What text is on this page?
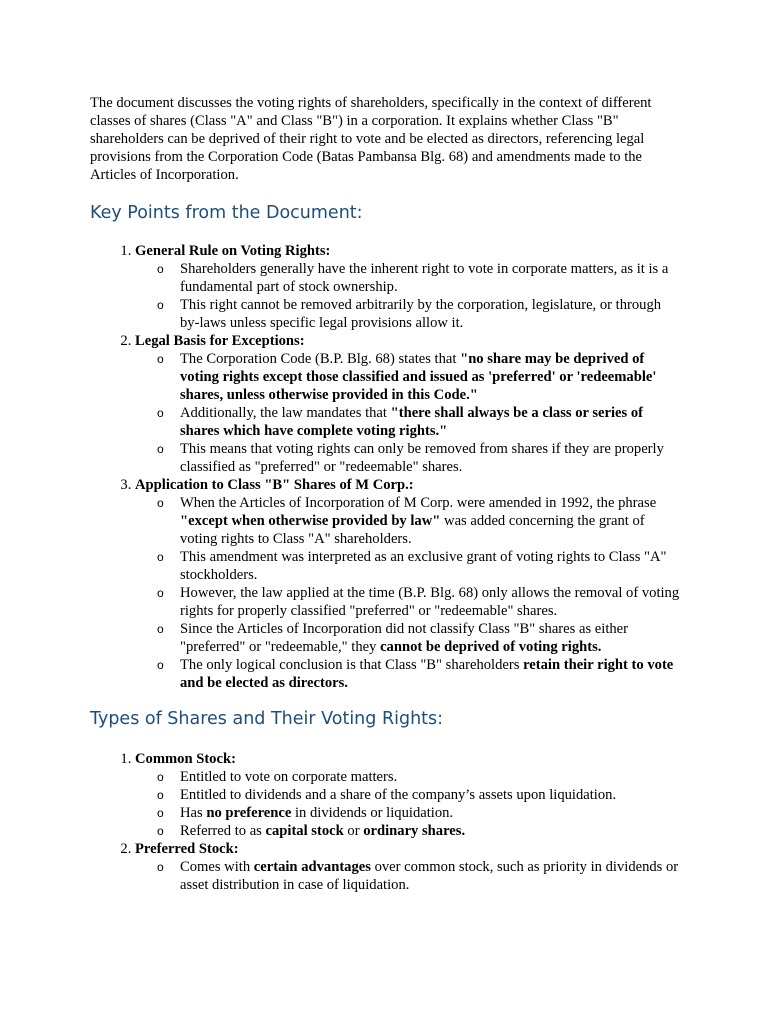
The document discusses the voting rights of shareholders, specifically in the context of different classes of shares (Class "A" and Class "B") in a corporation. It explains whether Class "B" shareholders can be deprived of their right to vote and be elected as directors, referencing legal provisions from the Corporation Code (Batas Pambansa Blg. 68) and amendments made to the Articles of Incorporation.

Key Points from the Document:
1. General Rule on Voting Rights:
o Shareholders generally have the inherent right to vote in corporate matters, as it is a fundamental part of stock ownership.
o This right cannot be removed arbitrarily by the corporation, legislature, or through by-laws unless specific legal provisions allow it.
2. Legal Basis for Exceptions:
o The Corporation Code (B.P. Blg. 68) states that "no share may be deprived of voting rights except those classified and issued as 'preferred' or 'redeemable' shares, unless otherwise provided in this Code."
o Additionally, the law mandates that "there shall always be a class or series of shares which have complete voting rights."
o This means that voting rights can only be removed from shares if they are properly classified as "preferred" or "redeemable" shares.
3. Application to Class "B" Shares of M Corp.:
o When the Articles of Incorporation of M Corp. were amended in 1992, the phrase "except when otherwise provided by law" was added concerning the grant of voting rights to Class "A" shareholders.
o This amendment was interpreted as an exclusive grant of voting rights to Class "A" stockholders.
o However, the law applied at the time (B.P. Blg. 68) only allows the removal of voting rights for properly classified "preferred" or "redeemable" shares.
o Since the Articles of Incorporation did not classify Class "B" shares as either "preferred" or "redeemable," they cannot be deprived of voting rights.
o The only logical conclusion is that Class "B" shareholders retain their right to vote and be elected as directors.
Types of Shares and Their Voting Rights:
1. Common Stock:
o Entitled to vote on corporate matters.
o Entitled to dividends and a share of the company’s assets upon liquidation.
o Has no preference in dividends or liquidation.
o Referred to as capital stock or ordinary shares.
2. Preferred Stock:
o Comes with certain advantages over common stock, such as priority in dividends or asset distribution in case of liquidation.
